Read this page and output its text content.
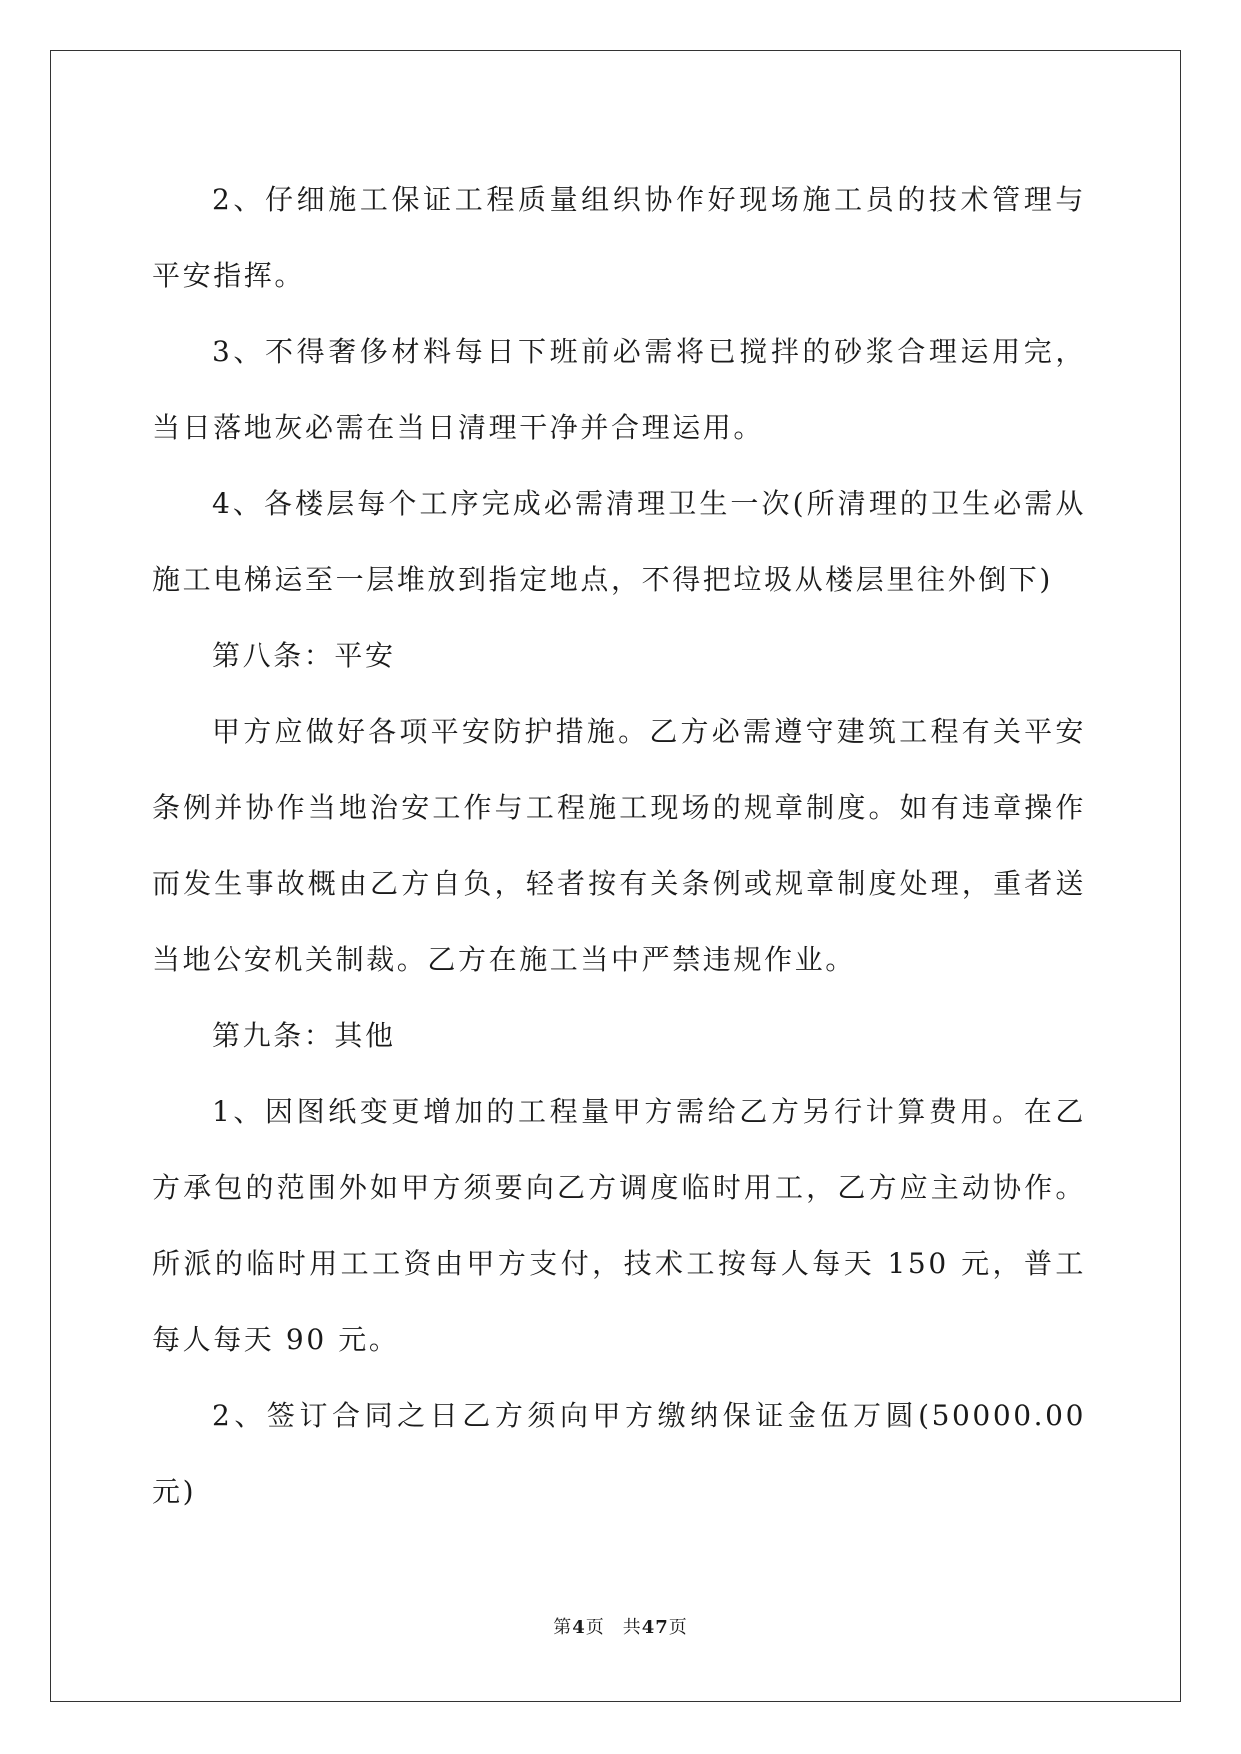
2、仔细施工保证工程质量组织协作好现场施工员的技术管理与平安指挥。

3、不得奢侈材料每日下班前必需将已搅拌的砂浆合理运用完，当日落地灰必需在当日清理干净并合理运用。

4、各楼层每个工序完成必需清理卫生一次(所清理的卫生必需从施工电梯运至一层堆放到指定地点，不得把垃圾从楼层里往外倒下)

第八条：平安

甲方应做好各项平安防护措施。乙方必需遵守建筑工程有关平安条例并协作当地治安工作与工程施工现场的规章制度。如有违章操作而发生事故概由乙方自负，轻者按有关条例或规章制度处理，重者送当地公安机关制裁。乙方在施工当中严禁违规作业。

第九条：其他

1、因图纸变更增加的工程量甲方需给乙方另行计算费用。在乙方承包的范围外如甲方须要向乙方调度临时用工，乙方应主动协作。所派的临时用工工资由甲方支付，技术工按每人每天 150 元，普工每人每天 90 元。

2、签订合同之日乙方须向甲方缴纳保证金伍万圆(50000.00 元)

第4页 共47页
